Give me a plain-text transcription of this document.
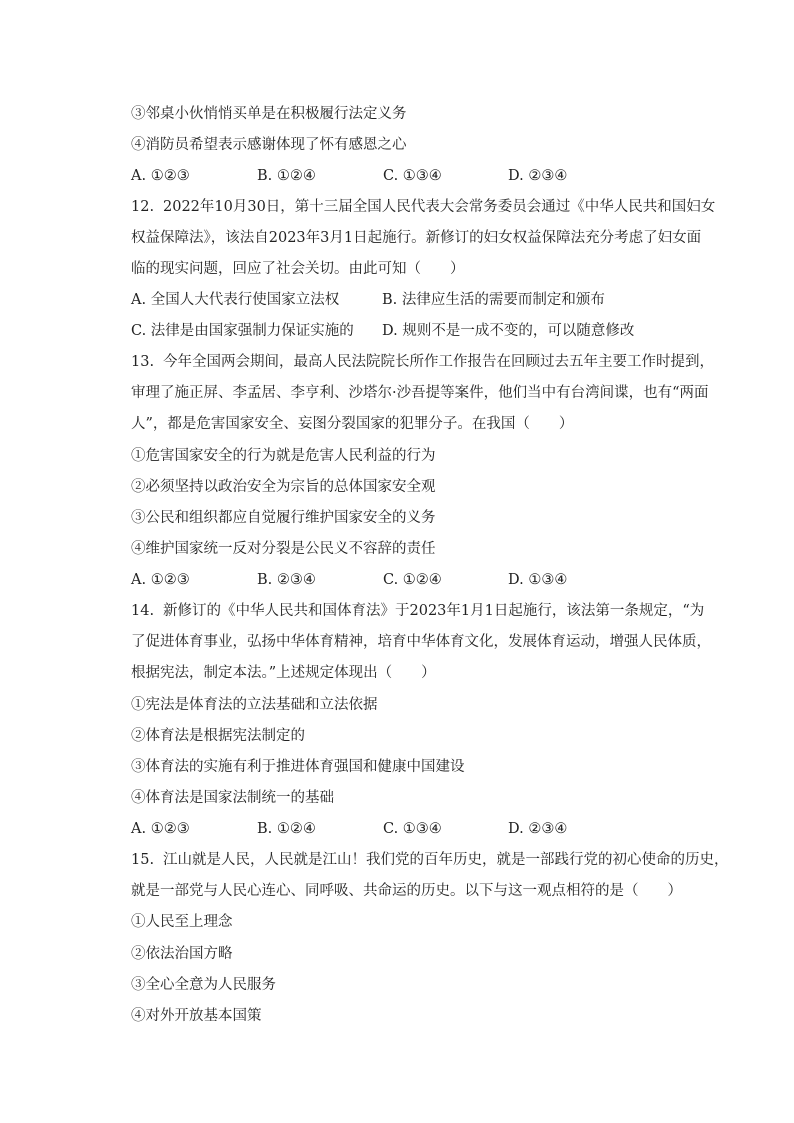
③邻桌小伙悄悄买单是在积极履行法定义务
④消防员希望表示感谢体现了怀有感恩之心
A. ①②③	B. ①②④	C. ①③④	D. ②③④
12. 2022年10月30日，第十三届全国人民代表大会常务委员会通过《中华人民共和国妇女
权益保障法》，该法自2023年3月1日起施行。新修订的妇女权益保障法充分考虑了妇女面
临的现实问题，回应了社会关切。由此可知（　　）
A. 全国人大代表行使国家立法权	B. 法律应生活的需要而制定和颁布
C. 法律是由国家强制力保证实施的 D. 规则不是一成不变的，可以随意修改
13. 今年全国两会期间，最高人民法院院长所作工作报告在回顾过去五年主要工作时提到，
审理了施正屏、李孟居、李亨利、沙塔尔·沙吾提等案件，他们当中有台湾间谍，也有“两面
人”，都是危害国家安全、妄图分裂国家的犯罪分子。在我国（　　）
①危害国家安全的行为就是危害人民利益的行为
②必须坚持以政治安全为宗旨的总体国家安全观
③公民和组织都应自觉履行维护国家安全的义务
④维护国家统一反对分裂是公民义不容辞的责任
A. ①②③	B. ②③④	C. ①②④	D. ①③④
14. 新修订的《中华人民共和国体育法》于2023年1月1日起施行，该法第一条规定，“为
了促进体育事业，弘扬中华体育精神，培育中华体育文化，发展体育运动，增强人民体质，
根据宪法，制定本法。”上述规定体现出（　　）
①宪法是体育法的立法基础和立法依据
②体育法是根据宪法制定的
③体育法的实施有利于推进体育强国和健康中国建设
④体育法是国家法制统一的基础
A. ①②③	B. ①②④	C. ①③④	D. ②③④
15. 江山就是人民，人民就是江山！我们党的百年历史，就是一部践行党的初心使命的历史，
就是一部党与人民心连心、同呼吸、共命运的历史。以下与这一观点相符的是（　　）
①人民至上理念
②依法治国方略
③全心全意为人民服务
④对外开放基本国策
